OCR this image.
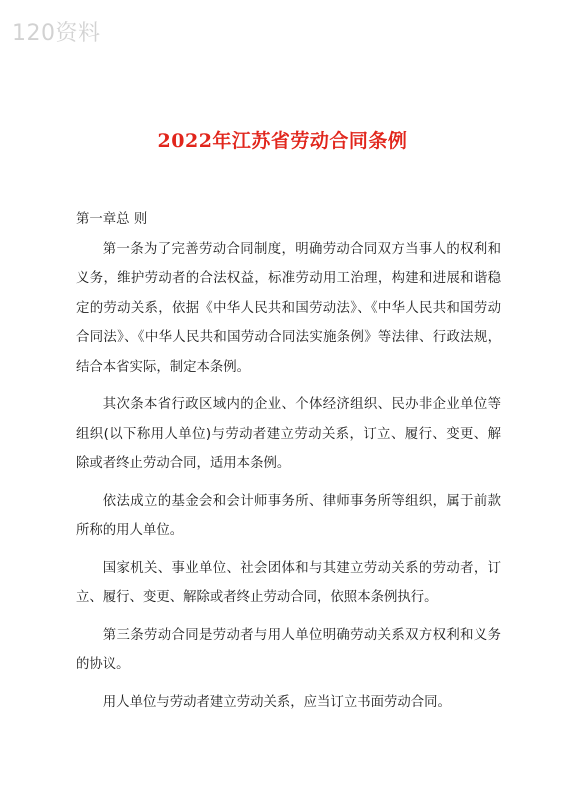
120资料
2022年江苏省劳动合同条例

第一章总 则

第一条为了完善劳动合同制度，明确劳动合同双方当事人的权利和义务，维护劳动者的合法权益，标准劳动用工治理，构建和进展和谐稳定的劳动关系，依据《中华人民共和国劳动法》、《中华人民共和国劳动合同法》、《中华人民共和国劳动合同法实施条例》等法律、行政法规，结合本省实际，制定本条例。

其次条本省行政区域内的企业、个体经济组织、民办非企业单位等组织(以下称用人单位)与劳动者建立劳动关系，订立、履行、变更、解除或者终止劳动合同，适用本条例。

依法成立的基金会和会计师事务所、律师事务所等组织，属于前款所称的用人单位。

国家机关、事业单位、社会团体和与其建立劳动关系的劳动者，订立、履行、变更、解除或者终止劳动合同，依照本条例执行。

第三条劳动合同是劳动者与用人单位明确劳动关系双方权利和义务的协议。

用人单位与劳动者建立劳动关系，应当订立书面劳动合同。
